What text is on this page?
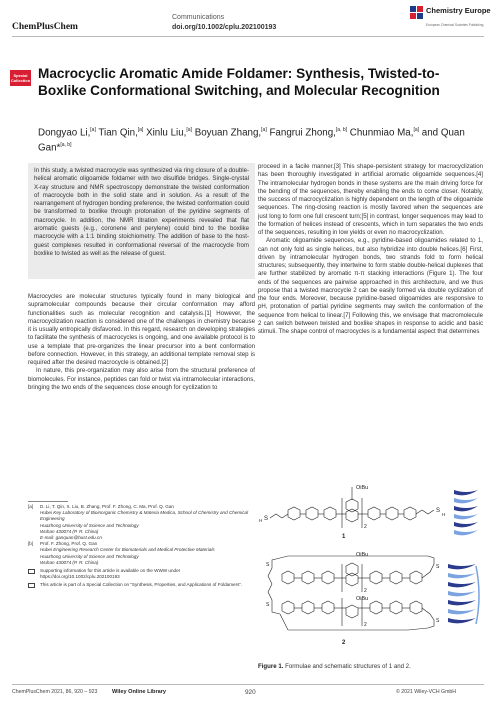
ChemPlusChem
Communications
doi.org/10.1002/cplu.202100193
Chemistry Europe
European Chemical Societies Publishing
Special Collection Macrocyclic Aromatic Amide Foldamer: Synthesis, Twisted-to-Boxlike Conformational Switching, and Molecular Recognition
Dongyao Li,[a] Tian Qin,[a] Xinlu Liu,[a] Boyuan Zhang,[a] Fangrui Zhong,[a, b] Chunmiao Ma,[a] and Quan Gan*[a, b]
In this study, a twisted macrocycle was synthesized via ring closure of a double-helical aromatic oligoamide foldamer with two disulfide bridges. Single-crystal X-ray structure and NMR spectroscopy demonstrate the twisted conformation of macrocycle both in the solid state and in solution. As a result of the rearrangement of hydrogen bonding preference, the twisted conformation could be transformed to boxlike through protonation of the pyridine segments of macrocycle. In addition, the NMR titration experiments revealed that flat aromatic guests (e.g., coronene and perylene) could bind to the boxlike macrocycle with a 1:1 binding stoichiometry. The addition of base to the host-guest complexes resulted in conformational reversal of the macrocycle from boxlike to twisted as well as the release of guest.

Macrocycles are molecular structures typically found in many biological and supramolecular compounds because their circular conformation may afford functionalities such as molecular recognition and catalysis.[1] However, the macrocyclization reaction is considered one of the challenges in chemistry because it is usually entropically disfavored. In this regard, research on developing strategies to facilitate the synthesis of macrocycles is ongoing, and one available protocol is to use a template that pre-organizes the linear precursor into a bent conformation before connection. However, in this strategy, an additional template removal step is required after the desired macrocycle is obtained.[2]

In nature, this pre-organization may also arise from the structural preference of biomolecules. For instance, peptides can fold or twist via intramolecular interactions, bringing the two ends of the sequences close enough for cyclization to

proceed in a facile manner.[3] This shape-persistent strategy for macrocyclization has been thoroughly investigated in artificial aromatic oligoamide sequences.[4] The intramolecular hydrogen bonds in these systems are the main driving force for the bending of the sequences, thereby enabling the ends to come closer. Notably, the success of macrocyclization is highly dependent on the length of the oligoamide sequences. The ring-closing reaction is mostly favored when the sequences are just long to form one full crescent turn;[5] in contrast, longer sequences may lead to the formation of helices instead of crescents, which in turn separates the two ends of the sequences, resulting in low yields or even no macrocyclization.

Aromatic oligoamide sequences, e.g., pyridine-based oligoamides related to 1, can not only fold as single helices, but also hybridize into double helices.[6] First, driven by intramolecular hydrogen bonds, two strands fold to form helical structures; subsequently, they intertwine to form stable double-helical duplexes that are further stabilized by aromatic π-π stacking interactions (Figure 1). The four ends of the sequences are pairwise approached in this architecture, and we thus propose that a twisted macrocycle 2 can be easily formed via double cyclization of the four ends. Moreover, because pyridine-based oligoamides are responsive to pH, protonation of partial pyridine segments may switch the conformation of the sequence from helical to linear.[7] Following this, we envisage that macromolecule 2 can switch between twisted and boxlike shapes in response to acidic and basic stimuli. The shape control of macrocycles is a fundamental aspect that determines

[a] D. Li, T. Qin, X. Liu, B. Zhang, Prof. F. Zhong, C. Ma, Prof. Q. Gan
Hubei Key Laboratory of Bioinorganic Chemistry & Materia Medica, School of Chemistry and Chemical Engineering
Huazhong University of Science and Technology
Wuhan 430074 (P. R. China)
E-mail: ganquan@hust.edu.cn
[b] Prof. F. Zhong, Prof. Q. Gan
Hubei Engineering Research Center for Biomaterials and Medical Protective Materials
Huazhong University of Science and Technology
Wuhan 430074 (P. R. China)
Supporting information for this article is available on the WWW under https://doi.org/10.1002/cplu.202100193
This article is part of a Special Collection on “Synthesis, Properties, and Applications of Foldamers”.
OiBu
S
H
2
S
H
1
OiBu
OiBu
S
S
S
S
2
2
2
Figure 1. Formulae and schematic structures of 1 and 2.
ChemPlusChem 2021, 86, 920 – 923	Wiley Online Library	920	© 2021 Wiley-VCH GmbH
